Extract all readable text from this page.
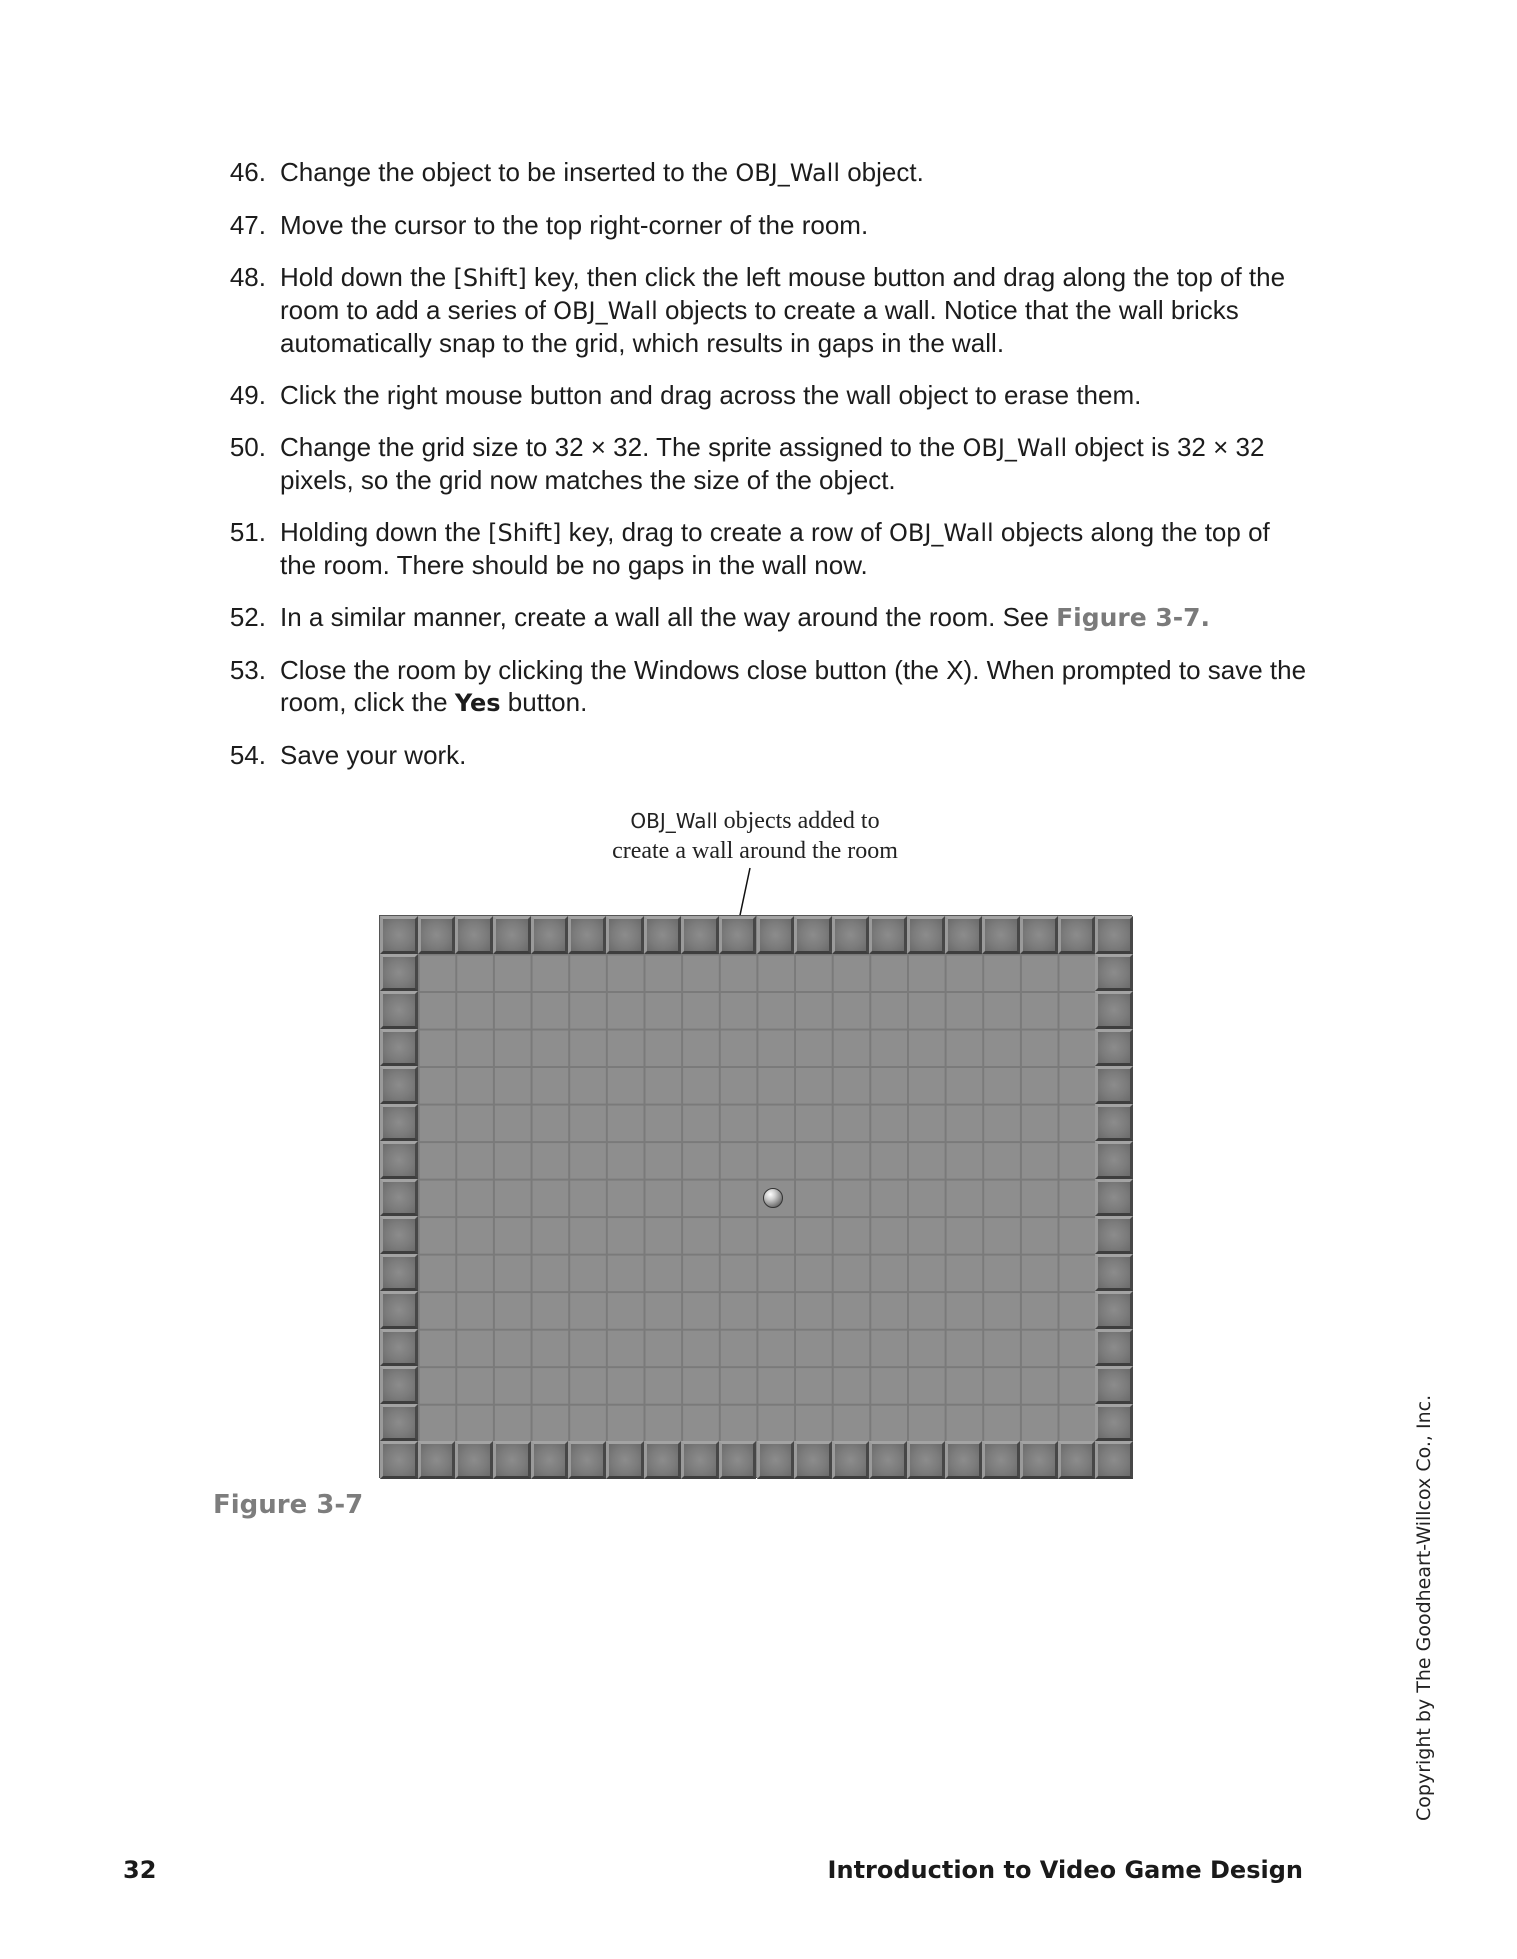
46. Change the object to be inserted to the OBJ_Wall object.
47. Move the cursor to the top right-corner of the room.
48. Hold down the [Shift] key, then click the left mouse button and drag along the top of the room to add a series of OBJ_Wall objects to create a wall. Notice that the wall bricks automatically snap to the grid, which results in gaps in the wall.
49. Click the right mouse button and drag across the wall object to erase them.
50. Change the grid size to 32 × 32. The sprite assigned to the OBJ_Wall object is 32 × 32 pixels, so the grid now matches the size of the object.
51. Holding down the [Shift] key, drag to create a row of OBJ_Wall objects along the top of the room. There should be no gaps in the wall now.
52. In a similar manner, create a wall all the way around the room. See Figure 3-7.
53. Close the room by clicking the Windows close button (the X). When prompted to save the room, click the Yes button.
54. Save your work.
OBJ_Wall objects added to
create a wall around the room
Figure 3-7	Copyright by The Goodheart-Willcox Co., Inc.
32	Introduction to Video Game Design
